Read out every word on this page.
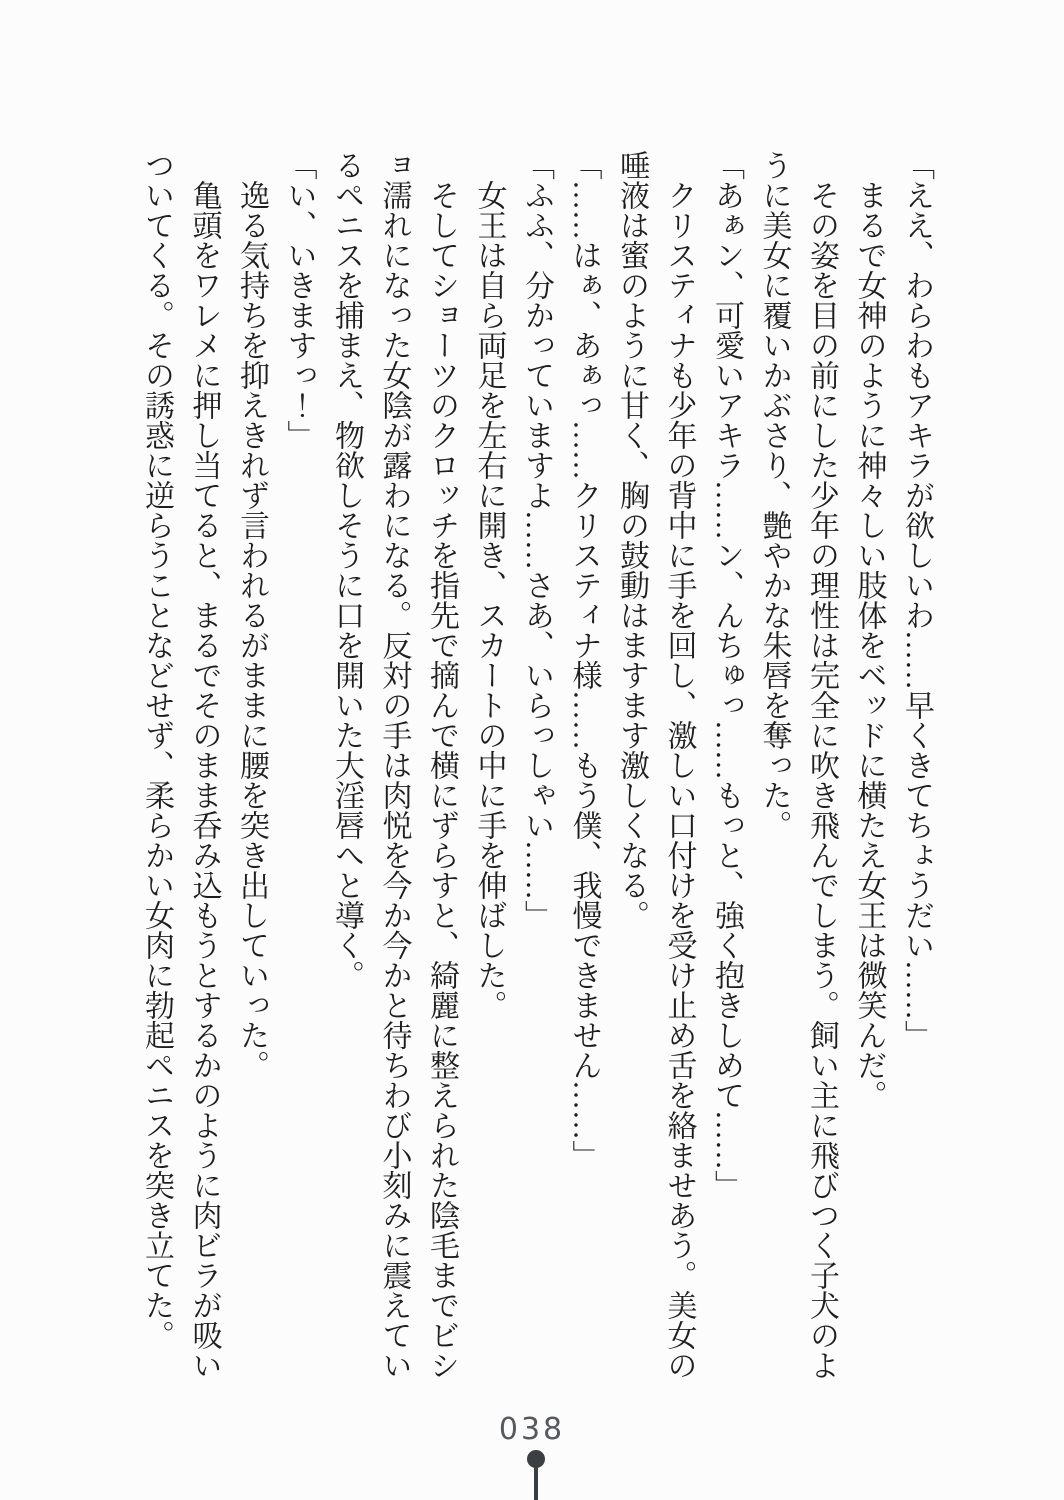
「ええ、わらわもアキラが欲しいわ……早くきてちょうだい……」

まるで女神のように神々しい肢体をベッドに横たえ女王は微笑んだ。

その姿を目の前にした少年の理性は完全に吹き飛んでしまう。飼い主に飛びつく子犬のように美女に覆いかぶさり、艶やかな朱唇を奪った。

「あぁン、可愛いアキラ……ン、んちゅっ……もっと、強く抱きしめて……」

クリスティナも少年の背中に手を回し、激しい口付けを受け止め舌を絡ませあう。美女の唾液は蜜のように甘く、胸の鼓動はますます激しくなる。

「……はぁ、あぁっ……クリスティナ様……もう僕、我慢できません……」

「ふふ、分かっていますよ……さあ、いらっしゃい……」

女王は自ら両足を左右に開き、スカートの中に手を伸ばした。

そしてショーツのクロッチを指先で摘んで横にずらすと、綺麗に整えられた陰毛までビショ濡れになった女陰が露わになる。反対の手は肉悦を今か今かと待ちわび小刻みに震えているペニスを捕まえ、物欲しそうに口を開いた大淫唇へと導く。

「い、いきますっ！」

逸る気持ちを抑えきれず言われるがままに腰を突き出していった。

亀頭をワレメに押し当てると、まるでそのまま呑み込もうとするかのように肉ビラが吸いついてくる。その誘惑に逆らうことなどせず、柔らかい女肉に勃起ペニスを突き立てた。

038
